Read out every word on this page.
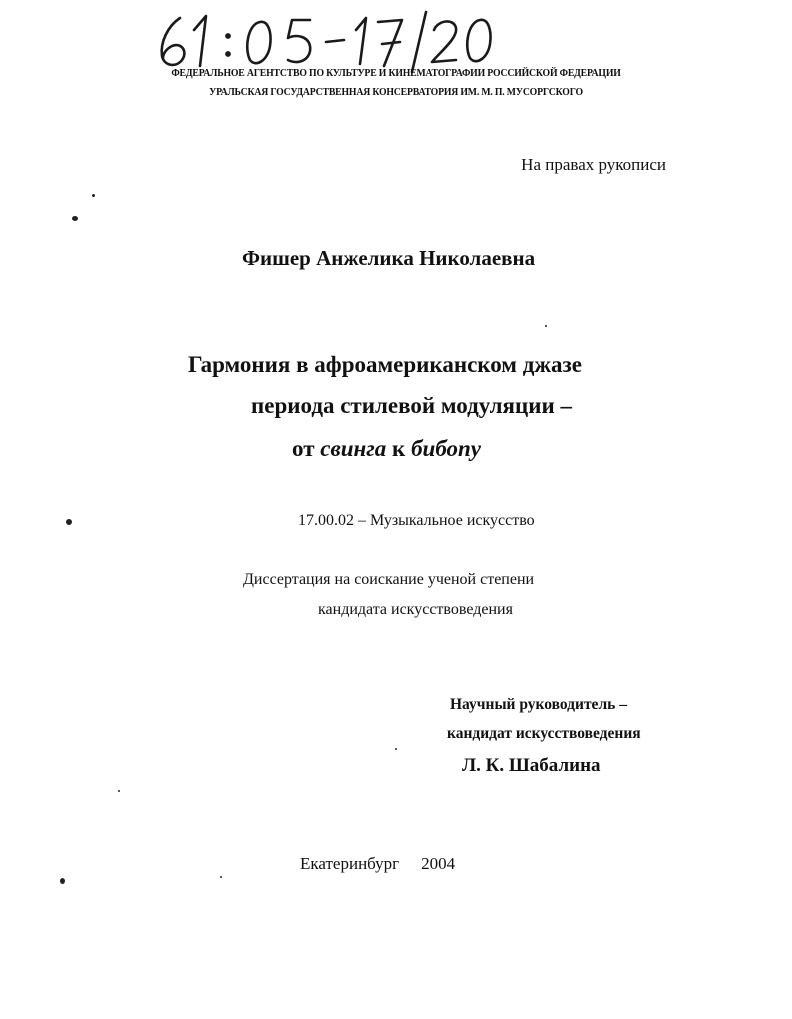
ФЕДЕРАЛЬНОЕ АГЕНТСТВО ПО КУЛЬТУРЕ И КИНЕМАТОГРАФИИ РОССИЙСКОЙ ФЕДЕРАЦИИ
УРАЛЬСКАЯ ГОСУДАРСТВЕННАЯ КОНСЕРВАТОРИЯ ИМ. М. П. МУСОРГСКОГО
На правах рукописи
Фишер Анжелика Николаевна
Гармония в афроамериканском джазе
периода стилевой модуляции –
от свинга к бибопу
17.00.02 – Музыкальное искусство
Диссертация на соискание ученой степени
кандидата искусствоведения
Научный руководитель –
кандидат искусствоведения
Л. К. Шабалина
Екатеринбург 2004
